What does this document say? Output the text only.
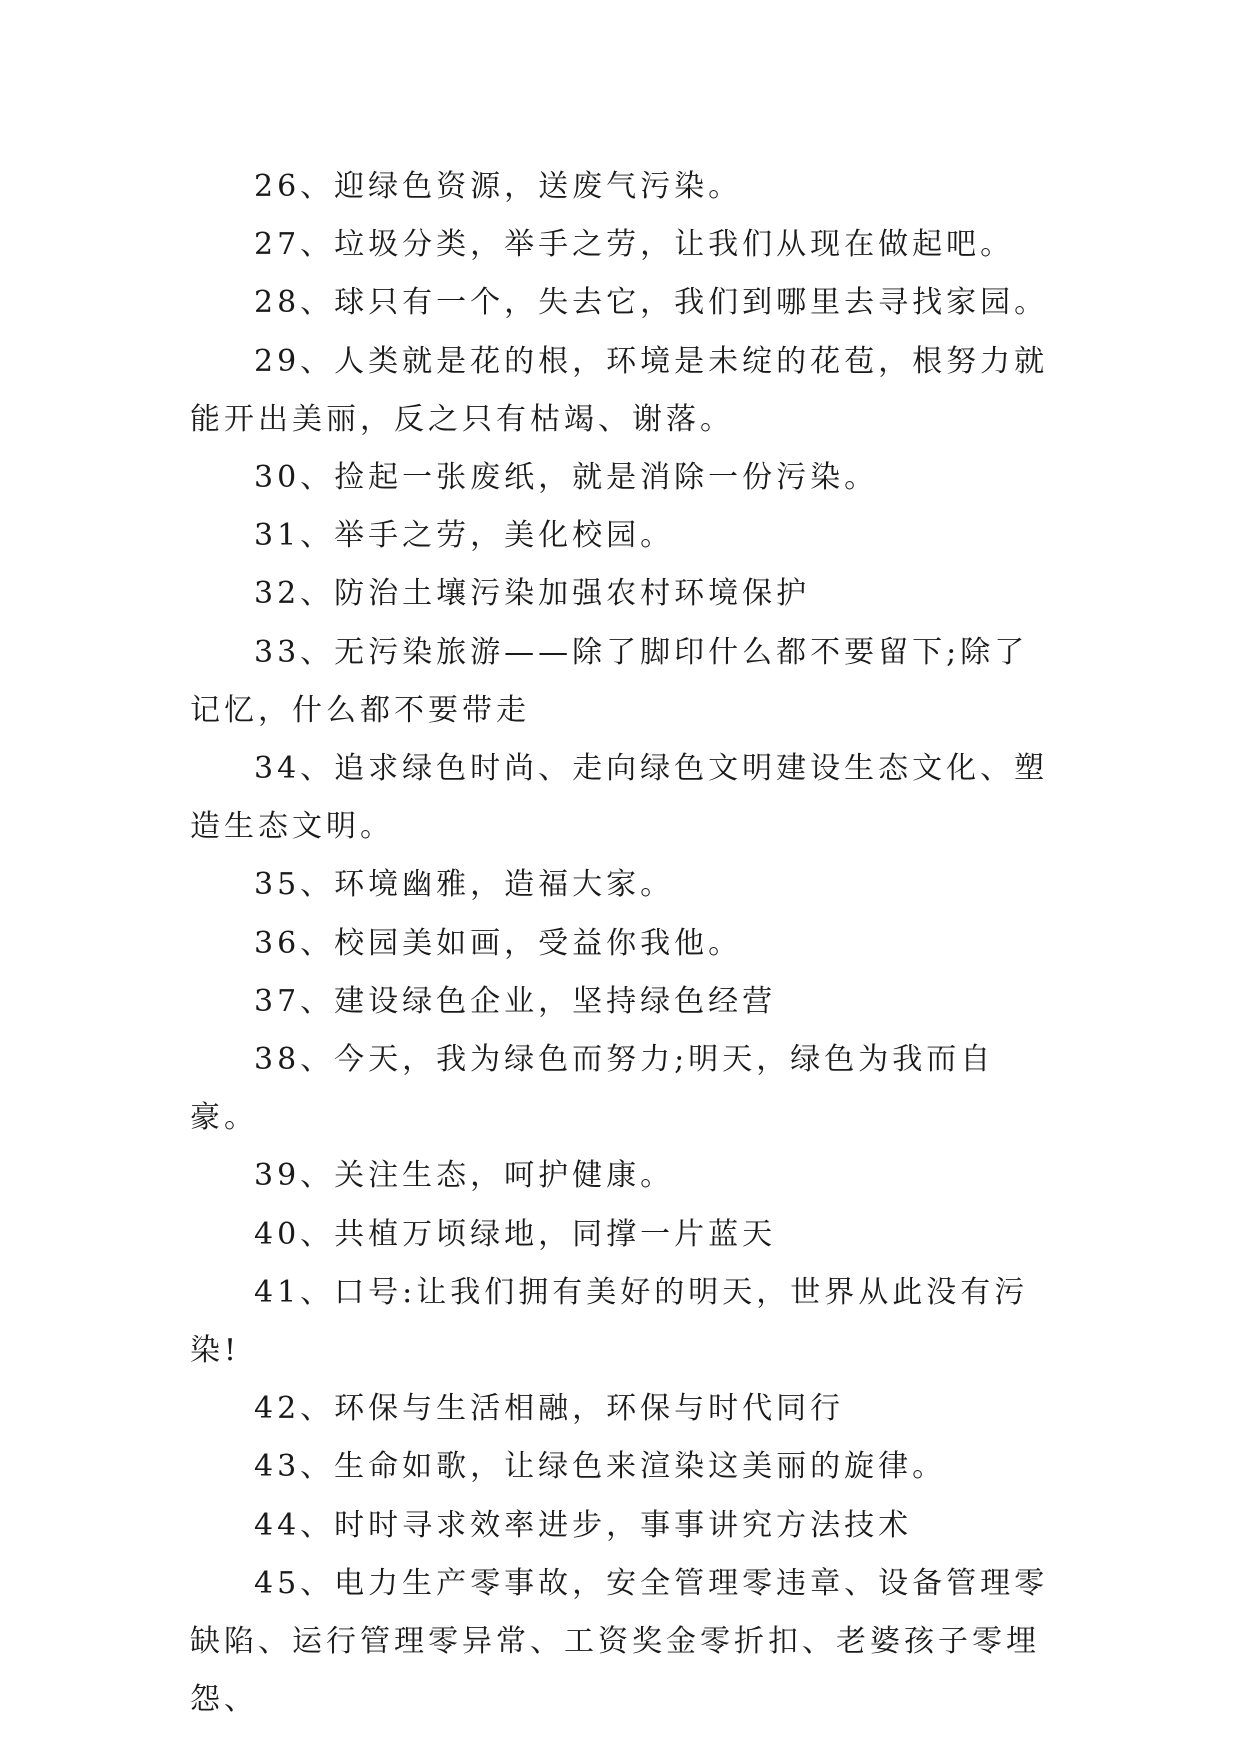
26、迎绿色资源，送废气污染。

27、垃圾分类，举手之劳，让我们从现在做起吧。

28、球只有一个，失去它，我们到哪里去寻找家园。

29、人类就是花的根，环境是未绽的花苞，根努力就能开出美丽，反之只有枯竭、谢落。

30、捡起一张废纸，就是消除一份污染。

31、举手之劳，美化校园。

32、防治土壤污染加强农村环境保护

33、无污染旅游——除了脚印什么都不要留下;除了记忆，什么都不要带走

34、追求绿色时尚、走向绿色文明建设生态文化、塑造生态文明。

35、环境幽雅，造福大家。

36、校园美如画，受益你我他。

37、建设绿色企业，坚持绿色经营

38、今天，我为绿色而努力;明天，绿色为我而自豪。

39、关注生态，呵护健康。

40、共植万顷绿地，同撑一片蓝天

41、口号:让我们拥有美好的明天，世界从此没有污染!

42、环保与生活相融，环保与时代同行

43、生命如歌，让绿色来渲染这美丽的旋律。

44、时时寻求效率进步，事事讲究方法技术

45、电力生产零事故，安全管理零违章、设备管理零缺陷、运行管理零异常、工资奖金零折扣、老婆孩子零埋怨、
